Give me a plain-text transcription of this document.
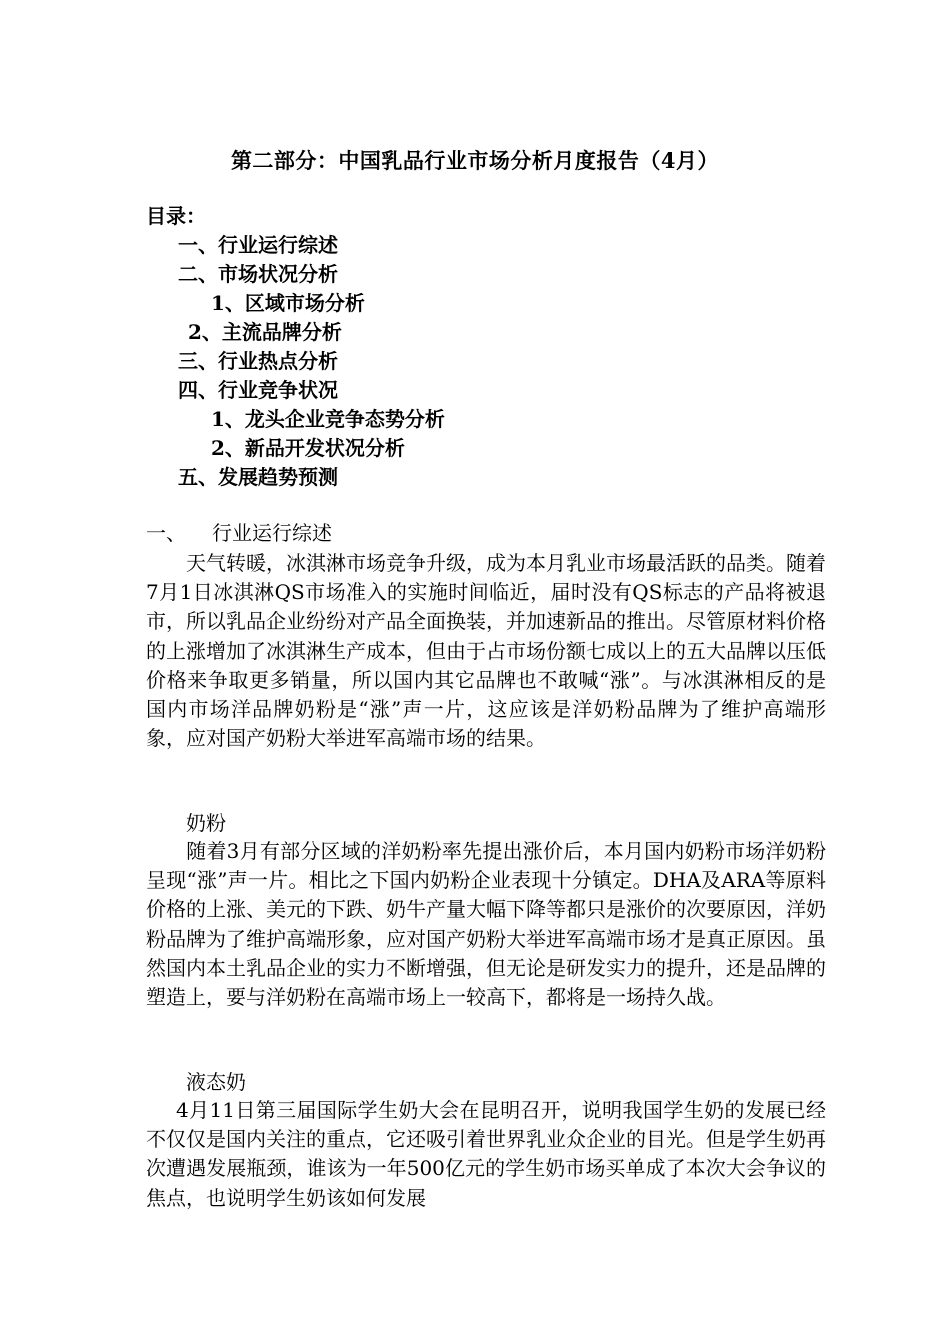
第二部分：中国乳品行业市场分析月度报告（4月）
目录：
一、行业运行综述
二、市场状况分析
1、区域市场分析
2、主流品牌分析
三、行业热点分析
四、行业竞争状况
1、龙头企业竞争态势分析
2、新品开发状况分析
五、发展趋势预测
一、 行业运行综述

天气转暖，冰淇淋市场竞争升级，成为本月乳业市场最活跃的品类。随着7月1日冰淇淋QS市场准入的实施时间临近，届时没有QS标志的产品将被退市，所以乳品企业纷纷对产品全面换装，并加速新品的推出。尽管原材料价格的上涨增加了冰淇淋生产成本，但由于占市场份额七成以上的五大品牌以压低价格来争取更多销量，所以国内其它品牌也不敢喊“涨”。与冰淇淋相反的是国内市场洋品牌奶粉是“涨”声一片，这应该是洋奶粉品牌为了维护高端形象，应对国产奶粉大举进军高端市场的结果。

奶粉

随着3月有部分区域的洋奶粉率先提出涨价后，本月国内奶粉市场洋奶粉呈现“涨”声一片。相比之下国内奶粉企业表现十分镇定。DHA及ARA等原料价格的上涨、美元的下跌、奶牛产量大幅下降等都只是涨价的次要原因，洋奶粉品牌为了维护高端形象，应对国产奶粉大举进军高端市场才是真正原因。虽然国内本土乳品企业的实力不断增强，但无论是研发实力的提升，还是品牌的塑造上，要与洋奶粉在高端市场上一较高下，都将是一场持久战。

液态奶

4月11日第三届国际学生奶大会在昆明召开，说明我国学生奶的发展已经不仅仅是国内关注的重点，它还吸引着世界乳业众企业的目光。但是学生奶再次遭遇发展瓶颈，谁该为一年500亿元的学生奶市场买单成了本次大会争议的焦点，也说明学生奶该如何发展
